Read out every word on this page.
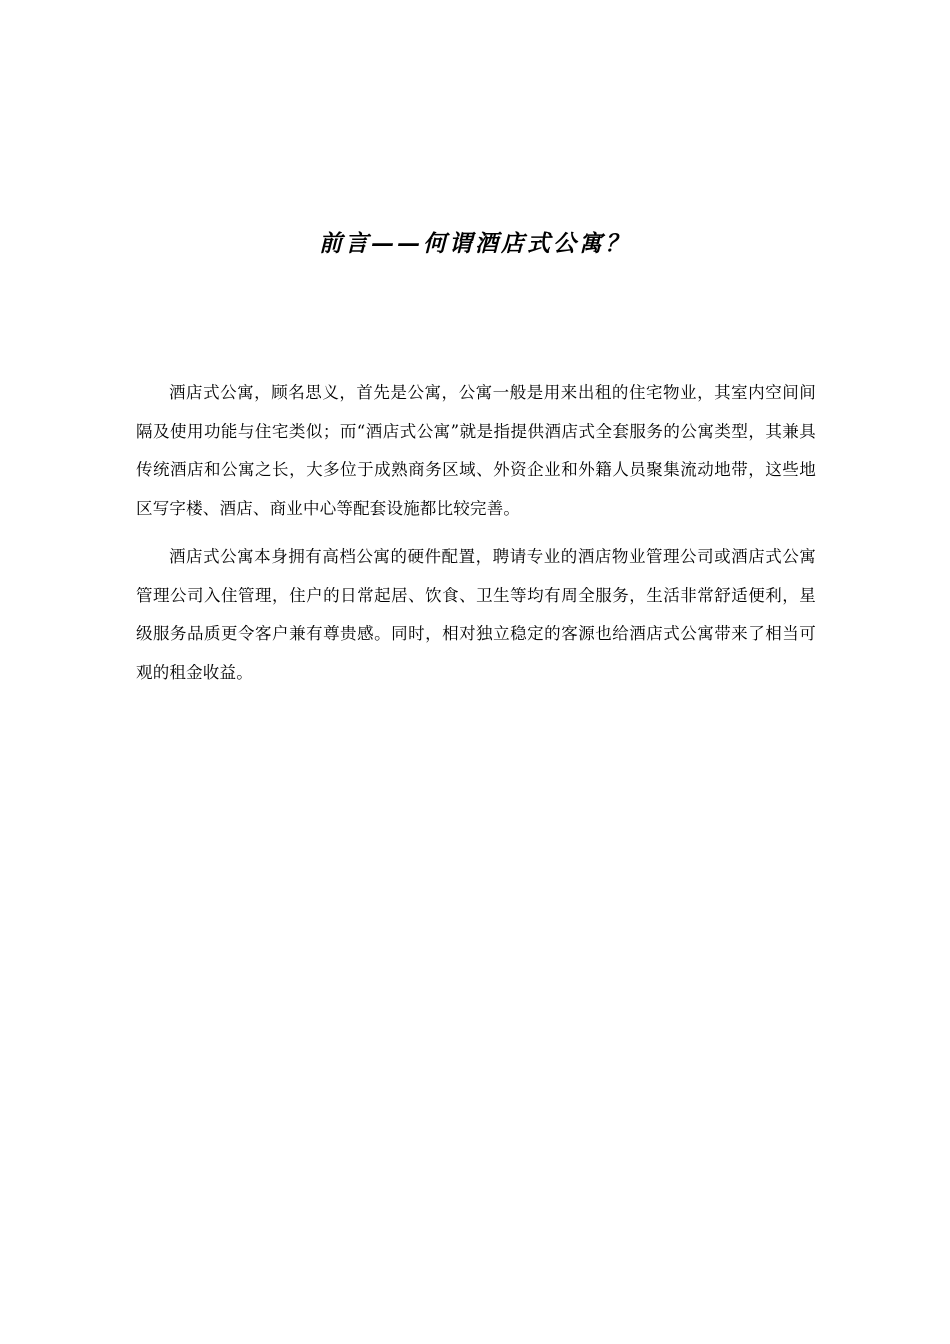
前言——何谓酒店式公寓？

酒店式公寓，顾名思义，首先是公寓，公寓一般是用来出租的住宅物业，其室内空间间隔及使用功能与住宅类似；而“酒店式公寓”就是指提供酒店式全套服务的公寓类型，其兼具传统酒店和公寓之长，大多位于成熟商务区域、外资企业和外籍人员聚集流动地带，这些地区写字楼、酒店、商业中心等配套设施都比较完善。

酒店式公寓本身拥有高档公寓的硬件配置，聘请专业的酒店物业管理公司或酒店式公寓管理公司入住管理，住户的日常起居、饮食、卫生等均有周全服务，生活非常舒适便利，星级服务品质更令客户兼有尊贵感。同时，相对独立稳定的客源也给酒店式公寓带来了相当可观的租金收益。
